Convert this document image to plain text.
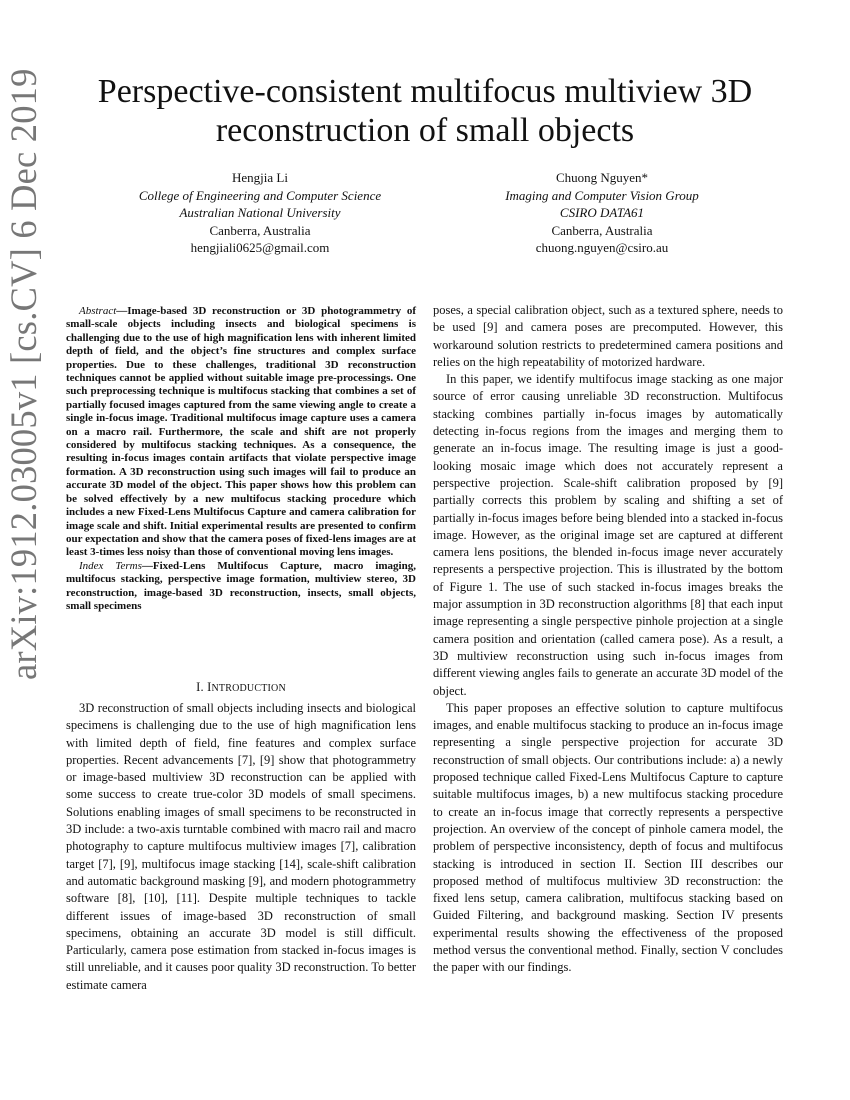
arXiv:1912.03005v1 [cs.CV] 6 Dec 2019	Perspective-consistent multifocus multiview 3D reconstruction of small objects
Hengjia Li
College of Engineering and Computer Science
Australian National University
Canberra, Australia
hengjiali0625@gmail.com
Chuong Nguyen*
Imaging and Computer Vision Group
CSIRO DATA61
Canberra, Australia
chuong.nguyen@csiro.au

Abstract—Image-based 3D reconstruction or 3D photogrammetry of small-scale objects including insects and biological specimens is challenging due to the use of high magnification lens with inherent limited depth of field, and the object’s fine structures and complex surface properties. Due to these challenges, traditional 3D reconstruction techniques cannot be applied without suitable image pre-processings. One such preprocessing technique is multifocus stacking that combines a set of partially focused images captured from the same viewing angle to create a single in-focus image. Traditional multifocus image capture uses a camera on a macro rail. Furthermore, the scale and shift are not properly considered by multifocus stacking techniques. As a consequence, the resulting in-focus images contain artifacts that violate perspective image formation. A 3D reconstruction using such images will fail to produce an accurate 3D model of the object. This paper shows how this problem can be solved effectively by a new multifocus stacking procedure which includes a new Fixed-Lens Multifocus Capture and camera calibration for image scale and shift. Initial experimental results are presented to confirm our expectation and show that the camera poses of fixed-lens images are at least 3-times less noisy than those of conventional moving lens images.

Index Terms—Fixed-Lens Multifocus Capture, macro imaging, multifocus stacking, perspective image formation, multiview stereo, 3D reconstruction, image-based 3D reconstruction, insects, small objects, small specimens

I. INTRODUCTION

3D reconstruction of small objects including insects and biological specimens is challenging due to the use of high magnification lens with limited depth of field, fine features and complex surface properties. Recent advancements [7], [9] show that photogrammetry or image-based multiview 3D reconstruction can be applied with some success to create true-color 3D models of small specimens. Solutions enabling images of small specimens to be reconstructed in 3D include: a two-axis turntable combined with macro rail and macro photography to capture multifocus multiview images [7], calibration target [7], [9], multifocus image stacking [14], scale-shift calibration and automatic background masking [9], and modern photogrammetry software [8], [10], [11]. Despite multiple techniques to tackle different issues of image-based 3D reconstruction of small specimens, obtaining an accurate 3D model is still difficult. Particularly, camera pose estimation from stacked in-focus images is still unreliable, and it causes poor quality 3D reconstruction. To better estimate camera

poses, a special calibration object, such as a textured sphere, needs to be used [9] and camera poses are precomputed. However, this workaround solution restricts to predetermined camera positions and relies on the high repeatability of motorized hardware.

In this paper, we identify multifocus image stacking as one major source of error causing unreliable 3D reconstruction. Multifocus stacking combines partially in-focus images by automatically detecting in-focus regions from the images and merging them to generate an in-focus image. The resulting image is just a good-looking mosaic image which does not accurately represent a perspective projection. Scale-shift calibration proposed by [9] partially corrects this problem by scaling and shifting a set of partially in-focus images before being blended into a stacked in-focus image. However, as the original image set are captured at different camera lens positions, the blended in-focus image never accurately represents a perspective projection. This is illustrated by the bottom of Figure 1. The use of such stacked in-focus images breaks the major assumption in 3D reconstruction algorithms [8] that each input image representing a single perspective pinhole projection at a single camera position and orientation (called camera pose). As a result, a 3D multiview reconstruction using such in-focus images from different viewing angles fails to generate an accurate 3D model of the object.

This paper proposes an effective solution to capture multifocus images, and enable multifocus stacking to produce an in-focus image representing a single perspective projection for accurate 3D reconstruction of small objects. Our contributions include: a) a newly proposed technique called Fixed-Lens Multifocus Capture to capture suitable multifocus images, b) a new multifocus stacking procedure to create an in-focus image that correctly represents a perspective projection. An overview of the concept of pinhole camera model, the problem of perspective inconsistency, depth of focus and multifocus stacking is introduced in section II. Section III describes our proposed method of multifocus multiview 3D reconstruction: the fixed lens setup, camera calibration, multifocus stacking based on Guided Filtering, and background masking. Section IV presents experimental results showing the effectiveness of the proposed method versus the conventional method. Finally, section V concludes the paper with our findings.
